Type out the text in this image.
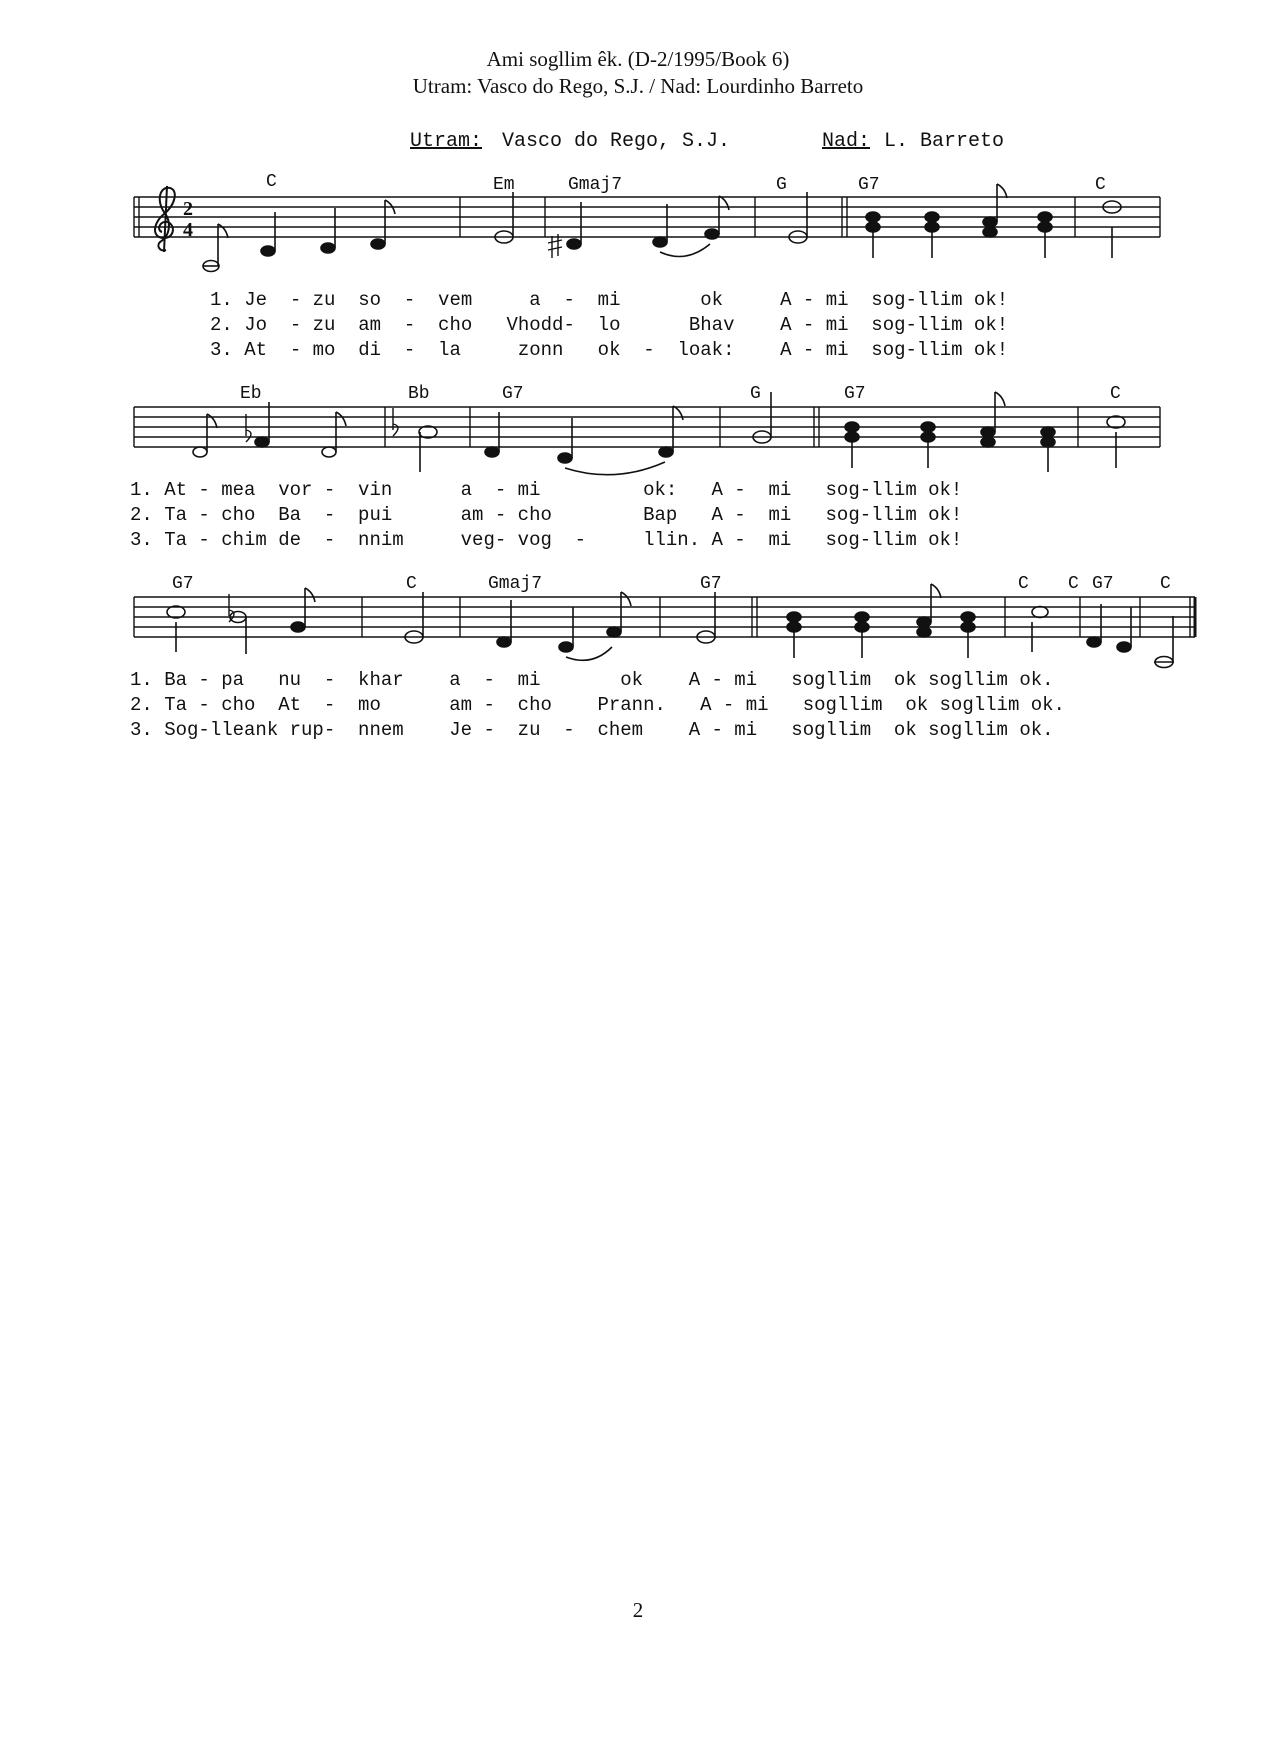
Ami sogllim êk. (D-2/1995/Book 6)
Utram: Vasco do Rego, S.J. / Nad: Lourdinho Barreto
Utram: Vasco do Rego, S.J.	Nad: L. Barreto
2
4
C	Em	Gmaj7	G	G7	C
Eb	Bb	G7	G	G7	C
G7	C	Gmaj7	G7	C C G7	C
1. Je  - zu  so  -  vem     a  -  mi       ok     A - mi  sog-llim ok!
2. Jo  - zu  am  -  cho   Vhodd-  lo      Bhav    A - mi  sog-llim ok!
3. At  - mo  di  -  la     zonn   ok  -  loak:    A - mi  sog-llim ok!
1. At - mea  vor -  vin      a  - mi         ok:   A -  mi   sog-llim ok!
2. Ta - cho  Ba  -  pui      am - cho        Bap   A -  mi   sog-llim ok!
3. Ta - chim de  -  nnim     veg- vog  -     llin. A -  mi   sog-llim ok!
1. Ba - pa   nu  -  khar    a  -  mi       ok    A - mi   sogllim  ok sogllim ok.
2. Ta - cho  At  -  mo      am -  cho    Prann.   A - mi   sogllim  ok sogllim ok.
3. Sog-lleank rup-  nnem    Je -  zu  -  chem    A - mi   sogllim  ok sogllim ok.
2
